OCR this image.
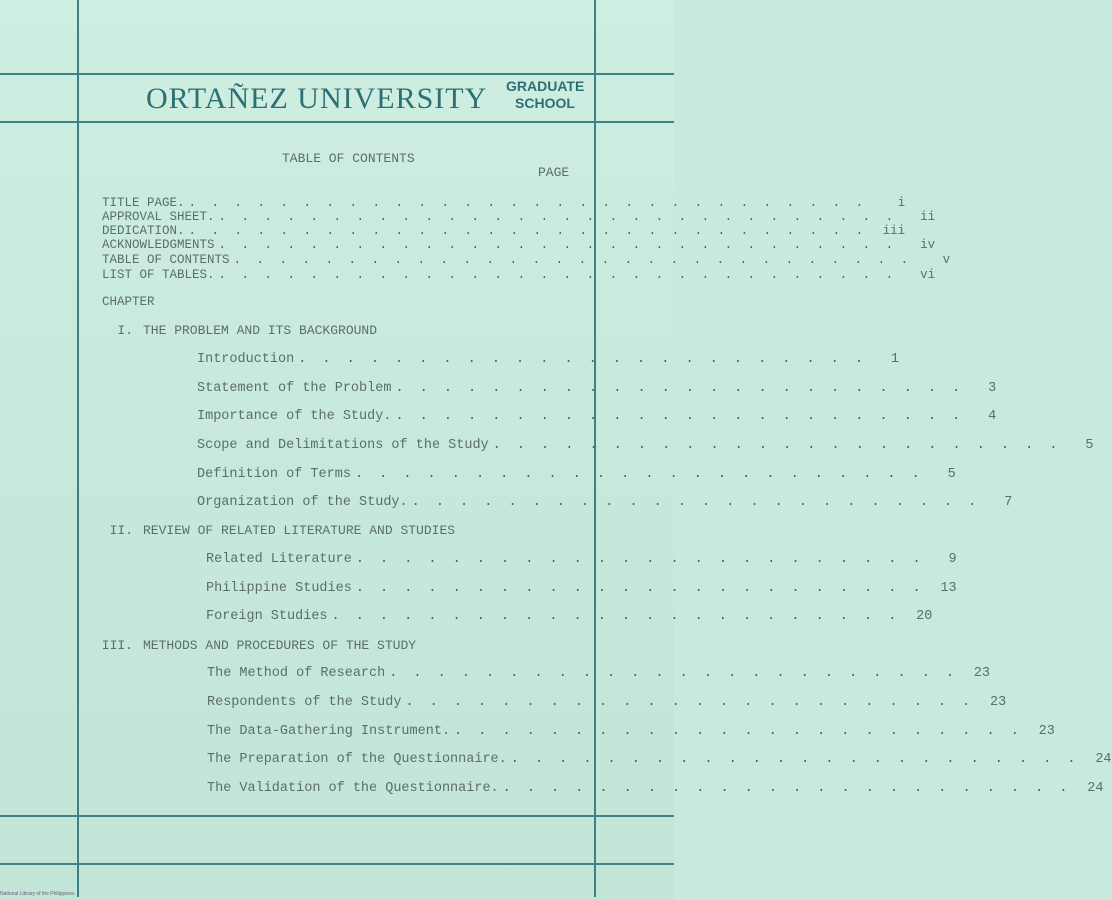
ORTAÑEZ UNIVERSITY GRADUATE
SCHOOL
TABLE OF CONTENTS
PAGE
TITLE PAGE. . . . . . . . . . . . . . . . . . . . . . . . . . . . . . .	i
APPROVAL SHEET. . . . . . . . . . . . . . . . . . . . . . . . . . . . . . .	ii
DEDICATION. . . . . . . . . . . . . . . . . . . . . . . . . . . . . . .	iii
ACKNOWLEDGMENTS . . . . . . . . . . . . . . . . . . . . . . . . . . . . . .	iv
TABLE OF CONTENTS . . . . . . . . . . . . . . . . . . . . . . . . . . . . . .	v
LIST OF TABLES. . . . . . . . . . . . . . . . . . . . . . . . . . . . . . .	vi
CHAPTER
I. THE PROBLEM AND ITS BACKGROUND
Introduction . . . . . . . . . . . . . . . . . . . . . . . .	1
Statement of the Problem . . . . . . . . . . . . . . . . . . . . . . . .	3
Importance of the Study. . . . . . . . . . . . . . . . . . . . . . . . .	4
Scope and Delimitations of the Study . . . . . . . . . . . . . . . . . . . . . . . .	5
Definition of Terms . . . . . . . . . . . . . . . . . . . . . . . .	5
Organization of the Study. . . . . . . . . . . . . . . . . . . . . . . . .	7
II. REVIEW OF RELATED LITERATURE AND STUDIES
Related Literature . . . . . . . . . . . . . . . . . . . . . . . .	9
Philippine Studies . . . . . . . . . . . . . . . . . . . . . . . .	13
Foreign Studies . . . . . . . . . . . . . . . . . . . . . . . .	20
III. METHODS AND PROCEDURES OF THE STUDY
The Method of Research . . . . . . . . . . . . . . . . . . . . . . . .	23
Respondents of the Study . . . . . . . . . . . . . . . . . . . . . . . .	23
The Data-Gathering Instrument. . . . . . . . . . . . . . . . . . . . . . . . .	23
The Preparation of the Questionnaire. . . . . . . . . . . . . . . . . . . . . . . . .	24
The Validation of the Questionnaire. . . . . . . . . . . . . . . . . . . . . . . . .	24
National Library of the Philippines
